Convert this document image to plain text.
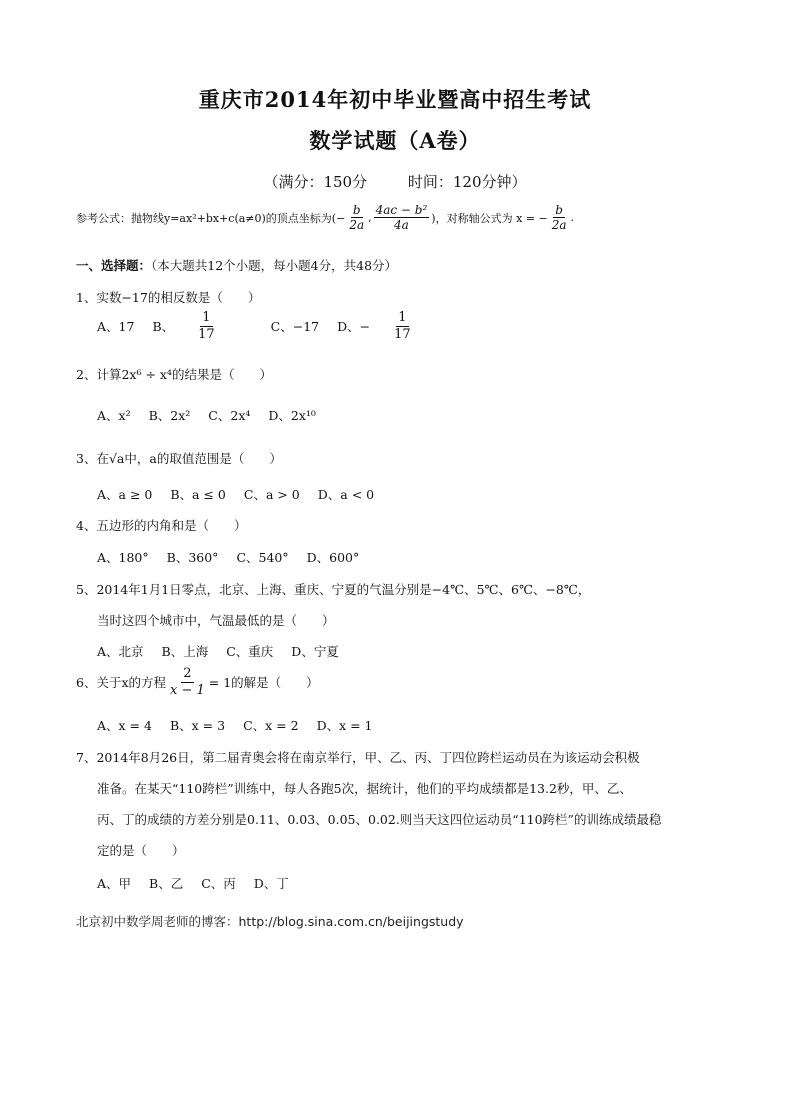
重庆市2014年初中毕业暨高中招生考试
数学试题（A卷）
（满分：150分	时间：120分钟）
参考公式：抛物线y=ax²+bx+c(a≠0)的顶点坐标为(− $\frac{b}{2a}$ , $\frac{\text{4ac − b²}}{4a}$ )，对称轴公式为 x = − $\frac{b}{2a}$ .
一、选择题：（本大题共12个小题，每小题4分，共48分）
1、实数−17的相反数是（　　）
A、17 B、 $\frac{1}{17}$	C、−17 D、− $\frac{1}{17}$
2、计算2x⁶ ÷ x⁴的结果是（　　）
A、x² B、2x² C、2x⁴ D、2x¹⁰
3、在√a中，a的取值范围是（　　）
A、a ≥ 0 B、a ≤ 0 C、a > 0 D、a < 0
4、五边形的内角和是（　　）
A、180° B、360° C、540° D、600°
5、2014年1月1日零点，北京、上海、重庆、宁夏的气温分别是−4℃、5℃、6℃、−8℃，
当时这四个城市中，气温最低的是（　　）
A、北京 B、上海 C、重庆 D、宁夏
6、关于x的方程 $\frac{2}{x - 1} = 1$的解是（　　）
A、x = 4 B、x = 3 C、x = 2 D、x = 1
7、2014年8月26日，第二届青奥会将在南京举行，甲、乙、丙、丁四位跨栏运动员在为该运动会积极
准备。在某天“110跨栏”训练中，每人各跑5次，据统计，他们的平均成绩都是13.2秒，甲、乙、
丙、丁的成绩的方差分别是0.11、0.03、0.05、0.02.则当天这四位运动员“110跨栏”的训练成绩最稳
定的是（　　）
A、甲 B、乙 C、丙 D、丁
北京初中数学周老师的博客：http://blog.sina.com.cn/beijingstudy
